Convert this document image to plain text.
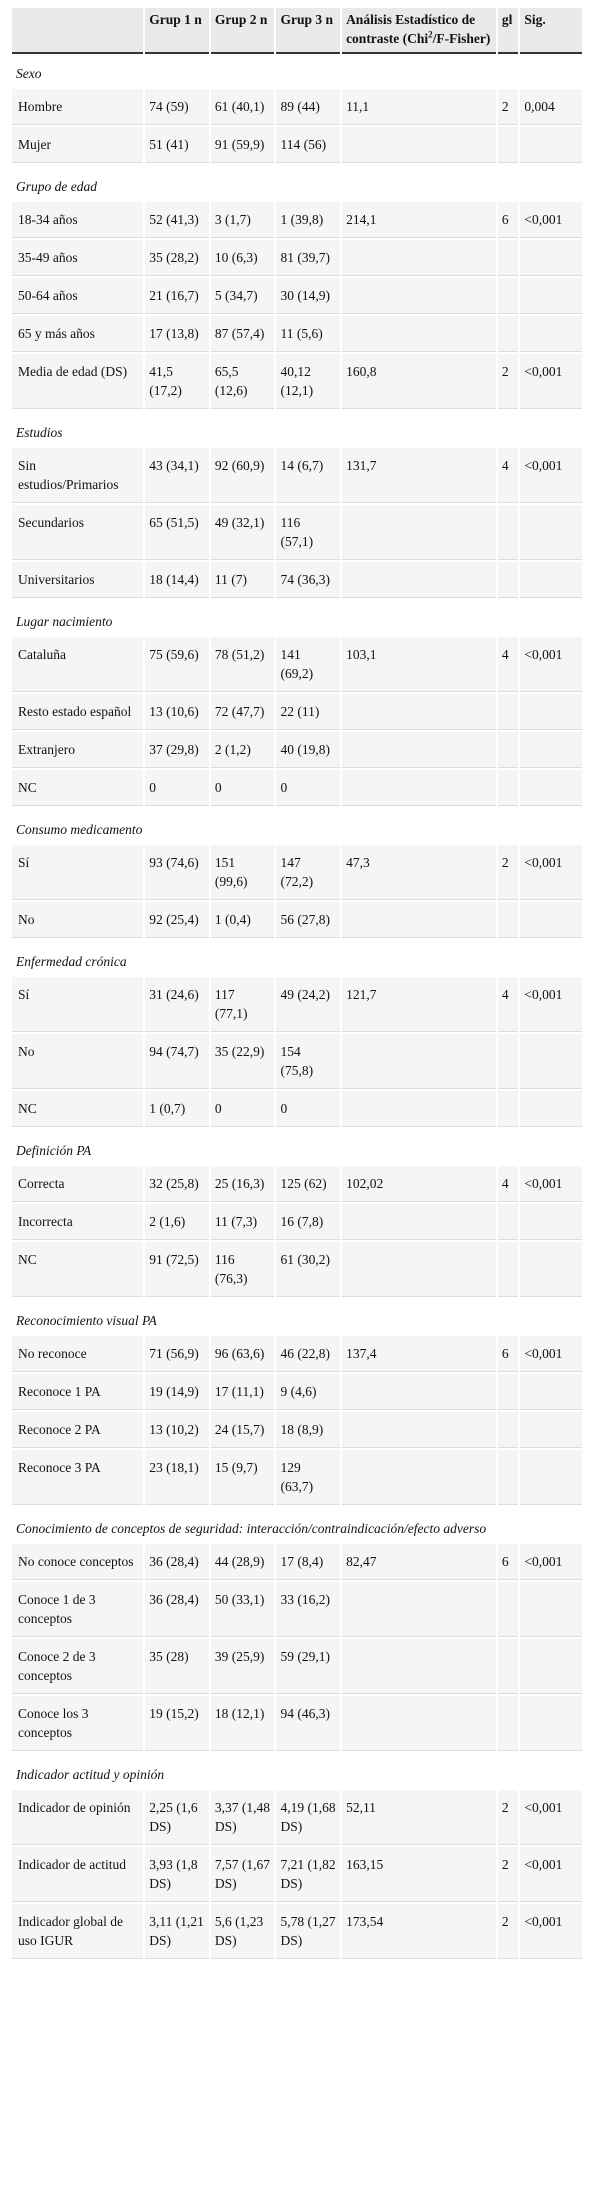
	Grup 1 n	Grup 2 n	Grup 3 n	Análisis Estadístico de contraste (Chi$^2$/F-Fisher)	gl	Sig.
Sexo						
Hombre	74 (59)	61 (40,1)	89 (44)	11,1	2	0,004
Mujer	51 (41)	91 (59,9)	114 (56)			

Grupo de edad						
18-34 años	52 (41,3)	3 (1,7)	1 (39,8)	214,1	6	<0,001
35-49 años	35 (28,2)	10 (6,3)	81 (39,7)			
50-64 años	21 (16,7)	5 (34,7)	30 (14,9)			
65 y más años	17 (13,8)	87 (57,4)	11 (5,6)			
Media de edad (DS)	41,5 (17,2)	65,5 (12,6)	40,12 (12,1)	160,8	2	<0,001

Estudios						
Sin estudios/Primarios	43 (34,1)	92 (60,9)	14 (6,7)	131,7	4	<0,001
Secundarios	65 (51,5)	49 (32,1)	116 (57,1)			
Universitarios	18 (14,4)	11 (7)	74 (36,3)			

Lugar nacimiento						
Cataluña	75 (59,6)	78 (51,2)	141 (69,2)	103,1	4	<0,001
Resto estado español	13 (10,6)	72 (47,7)	22 (11)			
Extranjero	37 (29,8)	2 (1,2)	40 (19,8)			
NC	0	0	0			

Consumo medicamento						
Sí	93 (74,6)	151 (99,6)	147 (72,2)	47,3	2	<0,001
No	92 (25,4)	1 (0,4)	56 (27,8)			

Enfermedad crónica						
Sí	31 (24,6)	117 (77,1)	49 (24,2)	121,7	4	<0,001
No	94 (74,7)	35 (22,9)	154 (75,8)			
NC	1 (0,7)	0	0			

Definición PA						
Correcta	32 (25,8)	25 (16,3)	125 (62)	102,02	4	<0,001
Incorrecta	2 (1,6)	11 (7,3)	16 (7,8)			
NC	91 (72,5)	116 (76,3)	61 (30,2)			

Reconocimiento visual PA						
No reconoce	71 (56,9)	96 (63,6)	46 (22,8)	137,4	6	<0,001
Reconoce 1 PA	19 (14,9)	17 (11,1)	9 (4,6)			
Reconoce 2 PA	13 (10,2)	24 (15,7)	18 (8,9)			
Reconoce 3 PA	23 (18,1)	15 (9,7)	129 (63,7)			

Conocimiento de conceptos de seguridad: interacción/contraindicación/efecto adverso						
No conoce conceptos	36 (28,4)	44 (28,9)	17 (8,4)	82,47	6	<0,001
Conoce 1 de 3 conceptos	36 (28,4)	50 (33,1)	33 (16,2)			
Conoce 2 de 3 conceptos	35 (28)	39 (25,9)	59 (29,1)			
Conoce los 3 conceptos	19 (15,2)	18 (12,1)	94 (46,3)			

Indicador actitud y opinión						
Indicador de opinión	2,25 (1,6 DS)	3,37 (1,48 DS)	4,19 (1,68 DS)	52,11	2	<0,001
Indicador de actitud	3,93 (1,8 DS)	7,57 (1,67 DS)	7,21 (1,82 DS)	163,15	2	<0,001
Indicador global de uso IGUR	3,11 (1,21 DS)	5,6 (1,23 DS)	5,78 (1,27 DS)	173,54	2	<0,001
